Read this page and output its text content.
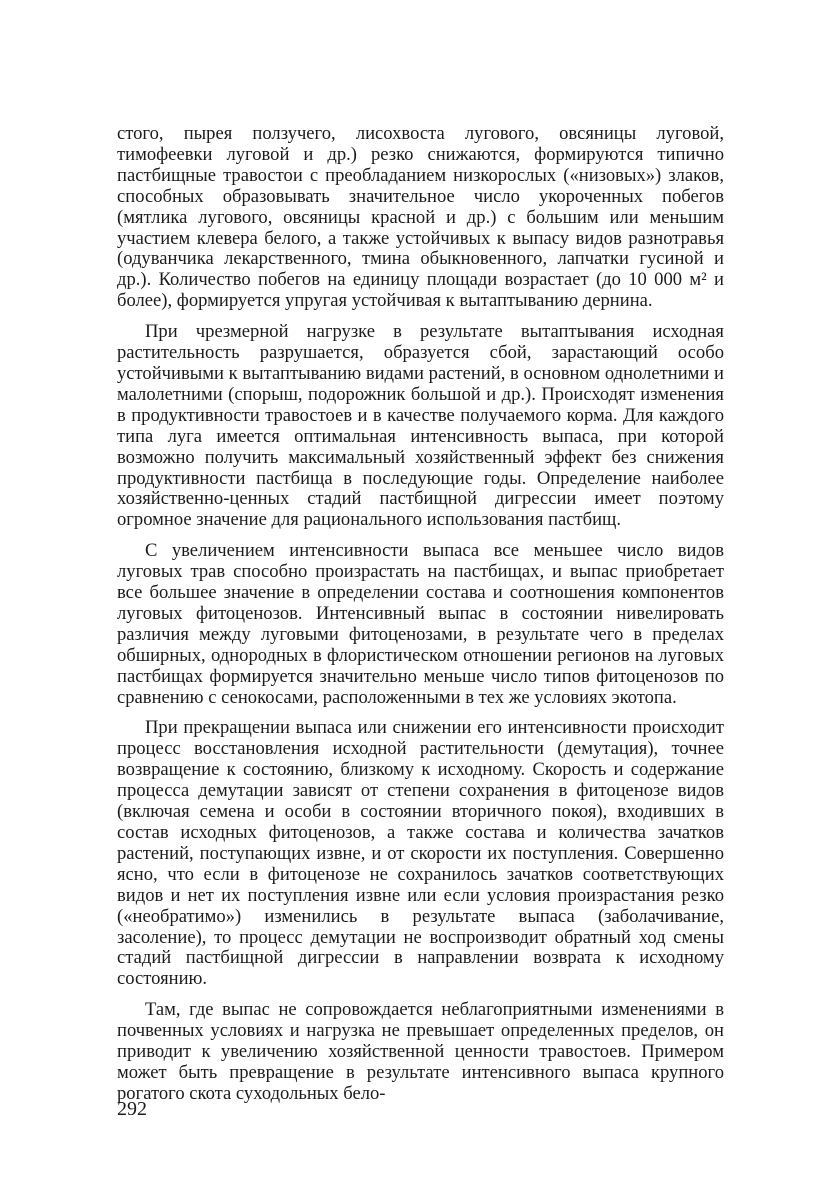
стого, пырея ползучего, лисохвоста лугового, овсяницы луговой, тимофеевки луговой и др.) резко снижаются, формируются типично пастбищные травостои с преобладанием низкорослых («низовых») злаков, способных образовывать значительное число укороченных побегов (мятлика лугового, овсяницы красной и др.) с большим или меньшим участием клевера белого, а также устойчивых к выпасу видов разнотравья (одуванчика лекарственного, тмина обыкновенного, лапчатки гусиной и др.). Количество побегов на единицу площади возрастает (до 10 000 м² и более), формируется упругая устойчивая к вытаптыванию дернина.

При чрезмерной нагрузке в результате вытаптывания исходная растительность разрушается, образуется сбой, зарастающий особо устойчивыми к вытаптыванию видами растений, в основном однолетними и малолетними (спорыш, подорожник большой и др.). Происходят изменения в продуктивности травостоев и в качестве получаемого корма. Для каждого типа луга имеется оптимальная интенсивность выпаса, при которой возможно получить максимальный хозяйственный эффект без снижения продуктивности пастбища в последующие годы. Определение наиболее хозяйственно-ценных стадий пастбищной дигрессии имеет поэтому огромное значение для рационального использования пастбищ.

С увеличением интенсивности выпаса все меньшее число видов луговых трав способно произрастать на пастбищах, и выпас приобретает все большее значение в определении состава и соотношения компонентов луговых фитоценозов. Интенсивный выпас в состоянии нивелировать различия между луговыми фитоценозами, в результате чего в пределах обширных, однородных в флористическом отношении регионов на луговых пастбищах формируется значительно меньше число типов фитоценозов по сравнению с сенокосами, расположенными в тех же условиях экотопа.

При прекращении выпаса или снижении его интенсивности происходит процесс восстановления исходной растительности (демутация), точнее возвращение к состоянию, близкому к исходному. Скорость и содержание процесса демутации зависят от степени сохранения в фитоценозе видов (включая семена и особи в состоянии вторичного покоя), входивших в состав исходных фитоценозов, а также состава и количества зачатков растений, поступающих извне, и от скорости их поступления. Совершенно ясно, что если в фитоценозе не сохранилось зачатков соответствующих видов и нет их поступления извне или если условия произрастания резко («необратимо») изменились в результате выпаса (заболачивание, засоление), то процесс демутации не воспроизводит обратный ход смены стадий пастбищной дигрессии в направлении возврата к исходному состоянию.

Там, где выпас не сопровождается неблагоприятными изменениями в почвенных условиях и нагрузка не превышает определенных пределов, он приводит к увеличению хозяйственной ценности травостоев. Примером может быть превращение в результате интенсивного выпаса крупного рогатого скота суходольных бело-

292
